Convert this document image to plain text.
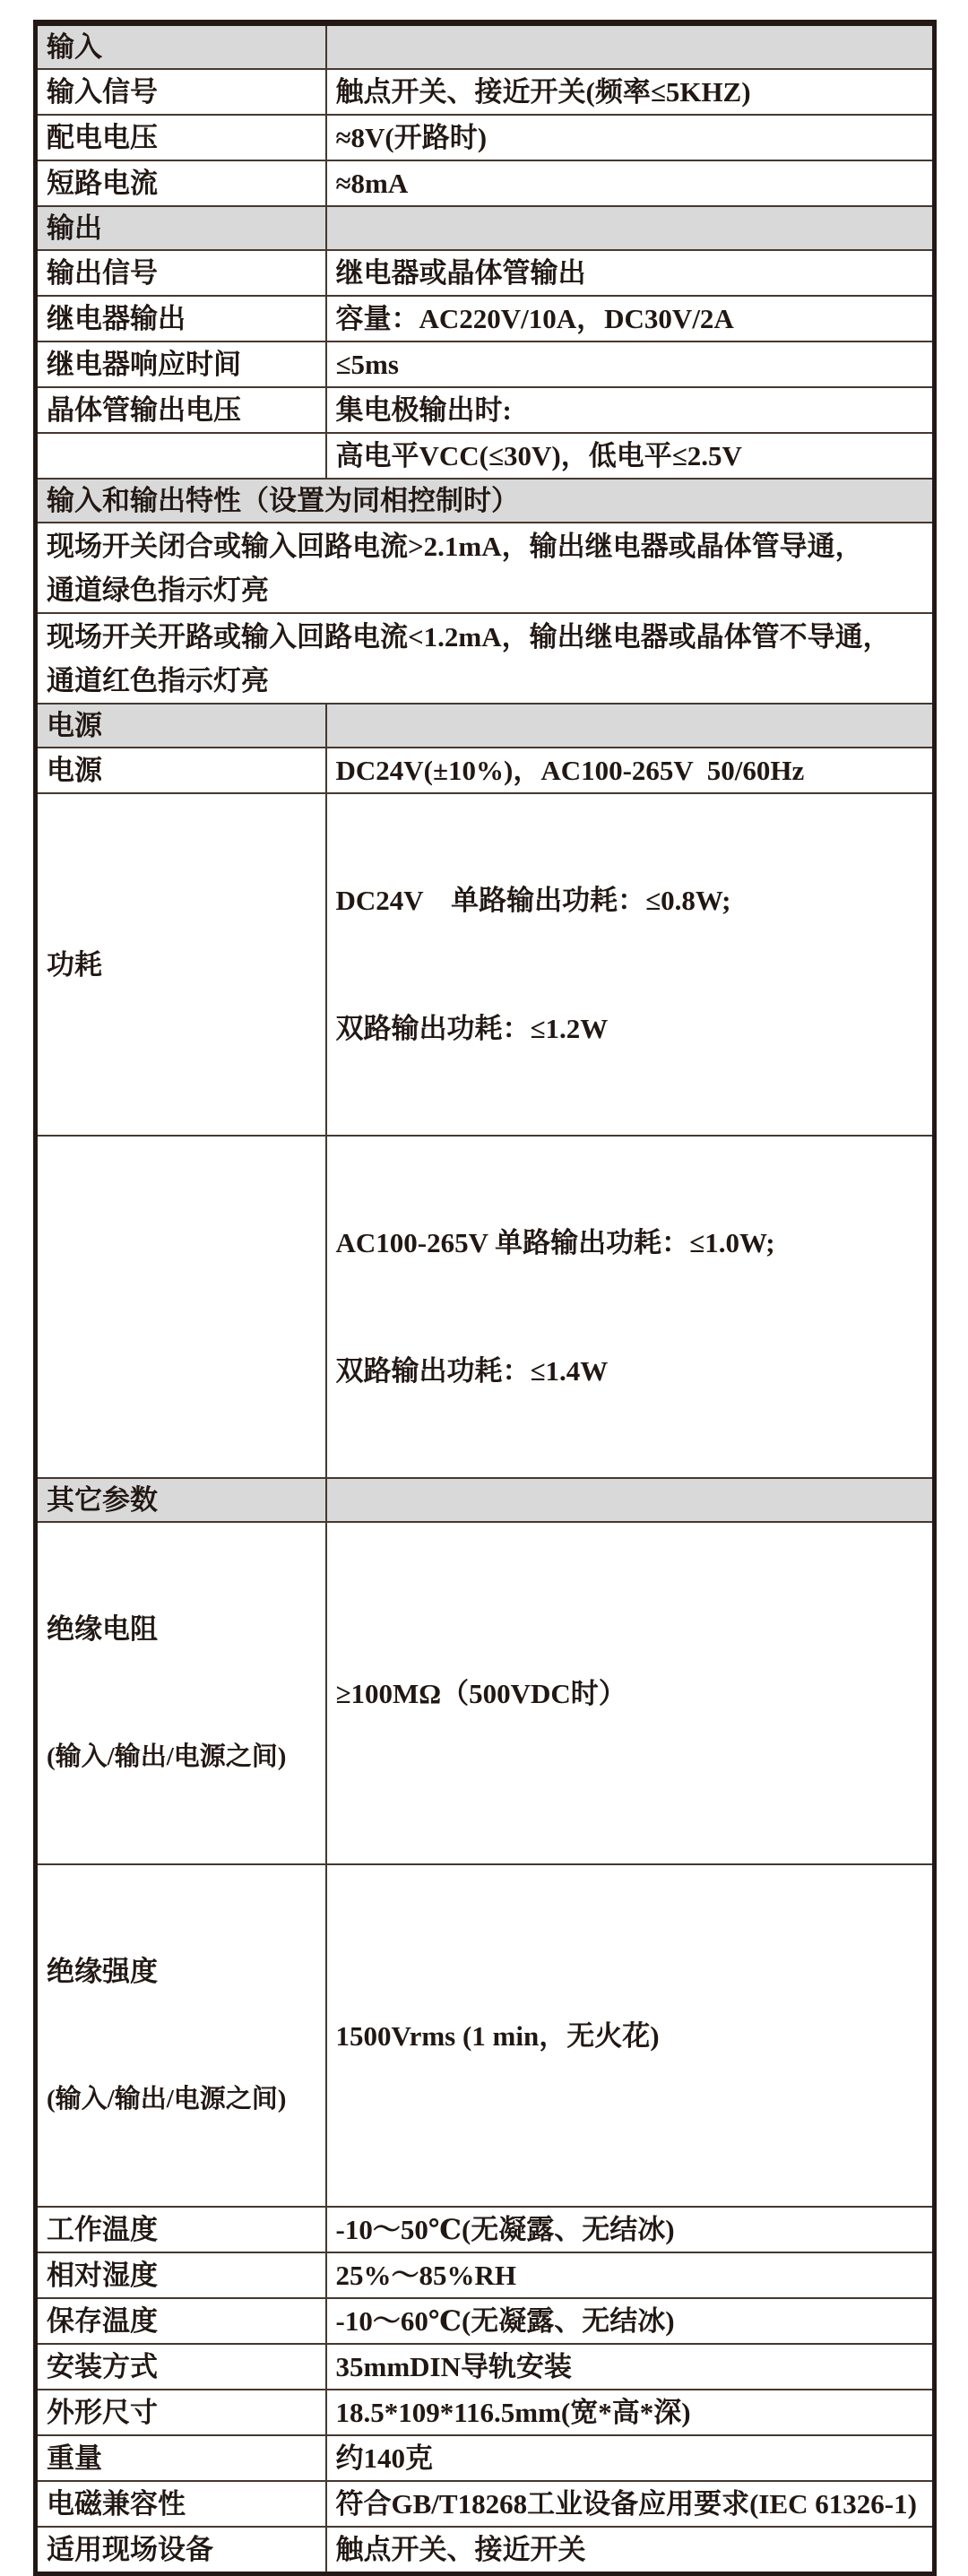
输入	
输入信号	触点开关、接近开关(频率≤5KHZ)
配电电压	≈8V(开路时)
短路电流	≈8mA
输出	
输出信号	继电器或晶体管输出
继电器输出	容量：AC220V/10A，DC30V/2A
继电器响应时间	≤5ms
晶体管输出电压	集电极输出时:
	高电平VCC(≤30V)，低电平≤2.5V
输入和输出特性（设置为同相控制时）	

现场开关闭合或输入回路电流>2.1mA，输出继电器或晶体管导通，
通道绿色指示灯亮	

现场开关开路或输入回路电流<1.2mA，输出继电器或晶体管不导通，
通道红色指示灯亮	

电源	
电源	DC24V(±10%)，AC100-265V  50/60Hz
功耗	DC24V　单路输出功耗：≤0.8W;

双路输出功耗：≤1.2W

	AC100-265V 单路输出功耗：≤1.0W;

双路输出功耗：≤1.4W

其它参数	

绝缘电阻

(输入/输出/电源之间)	≥100MΩ（500VDC时）

绝缘强度

(输入/输出/电源之间)	1500Vrms (1 min，无火花)

工作温度	-10～50℃(无凝露、无结冰)
相对湿度	25%～85%RH
保存温度	-10～60℃(无凝露、无结冰)
安装方式	35mmDIN导轨安装
外形尺寸	18.5*109*116.5mm(宽*高*深)
重量	约140克
电磁兼容性	符合GB/T18268工业设备应用要求(IEC 61326-1)
适用现场设备	触点开关、接近开关
